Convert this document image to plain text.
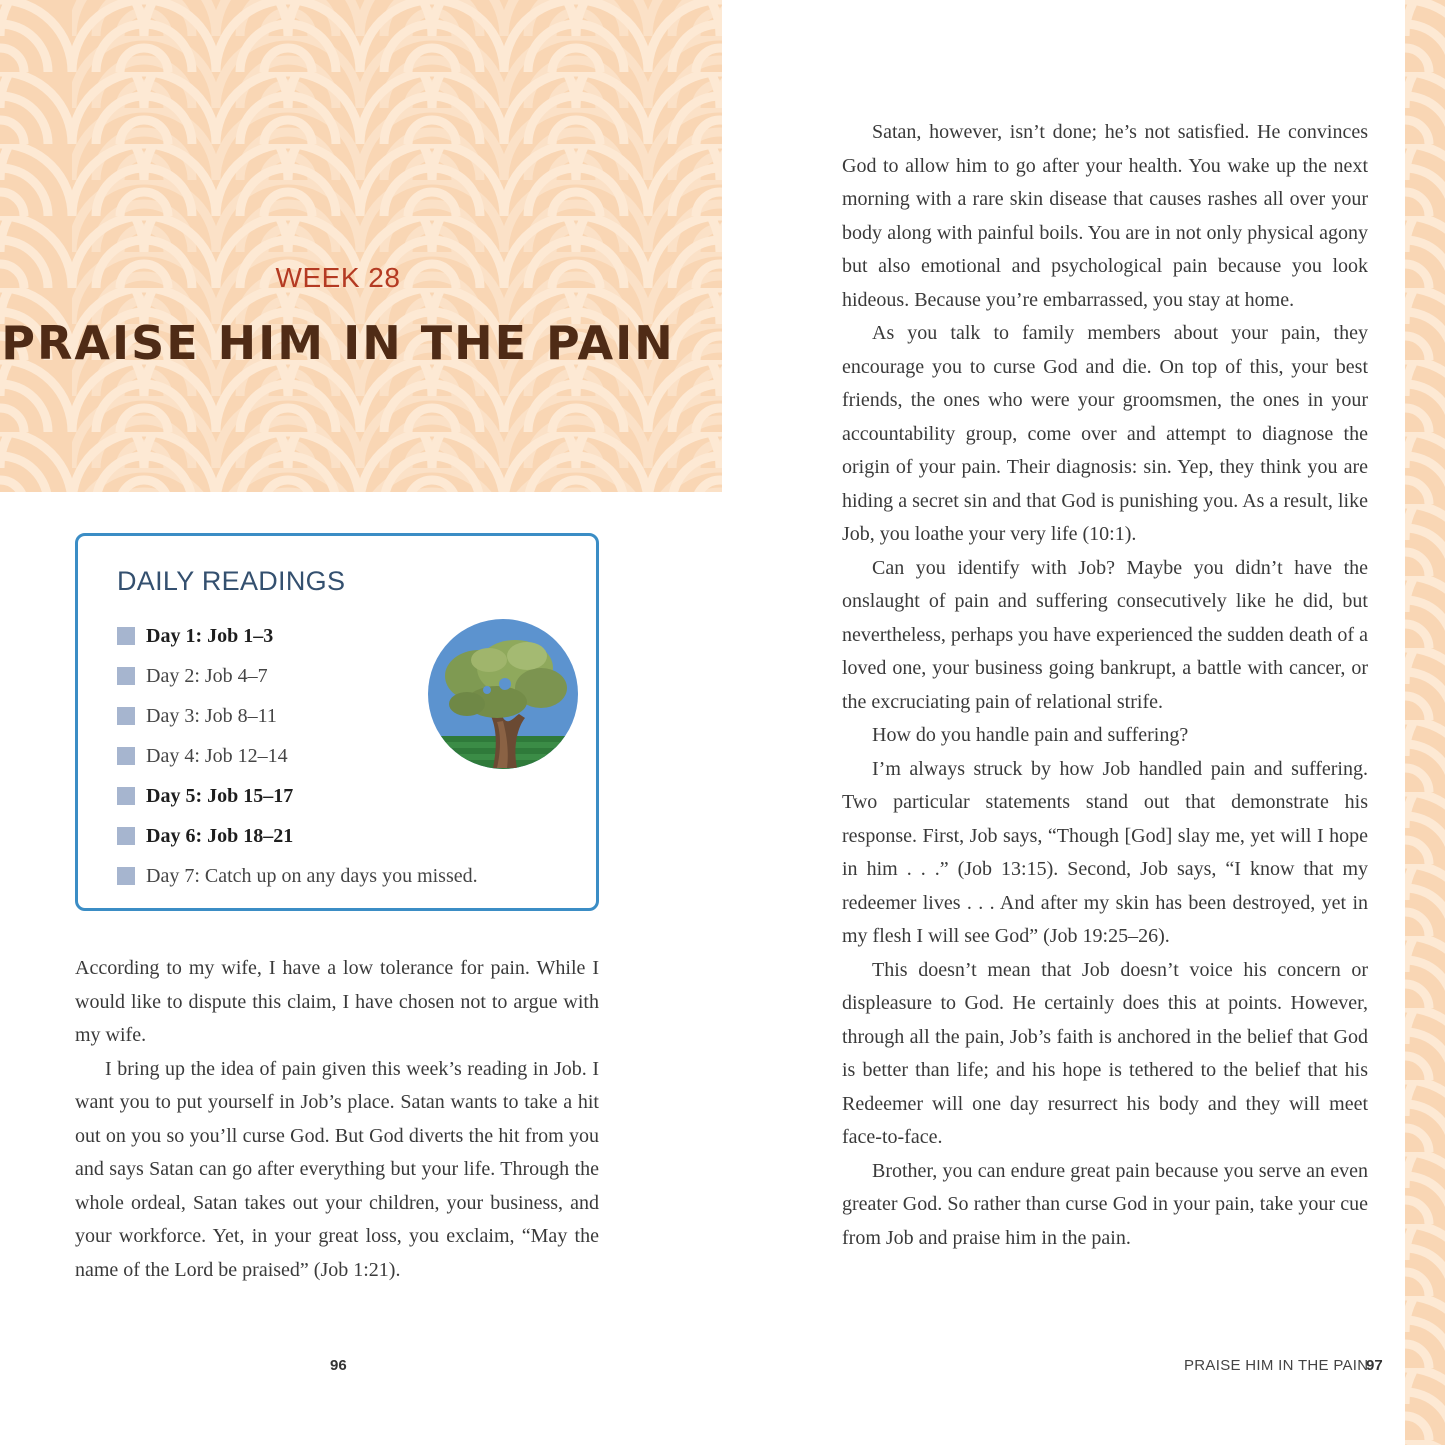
WEEK 28
PRAISE HIM IN THE PAIN
DAILY READINGS
Day 1: Job 1–3
Day 2: Job 4–7
Day 3: Job 8–11
Day 4: Job 12–14
Day 5: Job 15–17
Day 6: Job 18–21
Day 7: Catch up on any days you missed.

According to my wife, I have a low tolerance for pain. While I would like to dispute this claim, I have chosen not to argue with my wife.

I bring up the idea of pain given this week’s reading in Job. I want you to put yourself in Job’s place. Satan wants to take a hit out on you so you’ll curse God. But God diverts the hit from you and says Satan can go after everything but your life. Through the whole ordeal, Satan takes out your children, your business, and your workforce. Yet, in your great loss, you exclaim, “May the name of the Lord be praised” (Job 1:21).

Satan, however, isn’t done; he’s not satisfied. He convinces God to allow him to go after your health. You wake up the next morning with a rare skin disease that causes rashes all over your body along with painful boils. You are in not only physical agony but also emotional and psychological pain because you look hideous. Because you’re embarrassed, you stay at home.

As you talk to family members about your pain, they encourage you to curse God and die. On top of this, your best friends, the ones who were your groomsmen, the ones in your accountability group, come over and attempt to diagnose the origin of your pain. Their diagnosis: sin. Yep, they think you are hiding a secret sin and that God is punishing you. As a result, like Job, you loathe your very life (10:1).

Can you identify with Job? Maybe you didn’t have the onslaught of pain and suffering consecutively like he did, but nevertheless, perhaps you have experienced the sudden death of a loved one, your business going bankrupt, a battle with cancer, or the excruciating pain of relational strife.

How do you handle pain and suffering?

I’m always struck by how Job handled pain and suffering. Two particular statements stand out that demonstrate his response. First, Job says, “Though [God] slay me, yet will I hope in him . . .” (Job 13:15). Second, Job says, “I know that my redeemer lives . . . And after my skin has been destroyed, yet in my flesh I will see God” (Job 19:25–26).

This doesn’t mean that Job doesn’t voice his concern or displeasure to God. He certainly does this at points. However, through all the pain, Job’s faith is anchored in the belief that God is better than life; and his hope is tethered to the belief that his Redeemer will one day resurrect his body and they will meet face-to-face.

Brother, you can endure great pain because you serve an even greater God. So rather than curse God in your pain, take your cue from Job and praise him in the pain.

96	PRAISE HIM IN THE PAIN
97
